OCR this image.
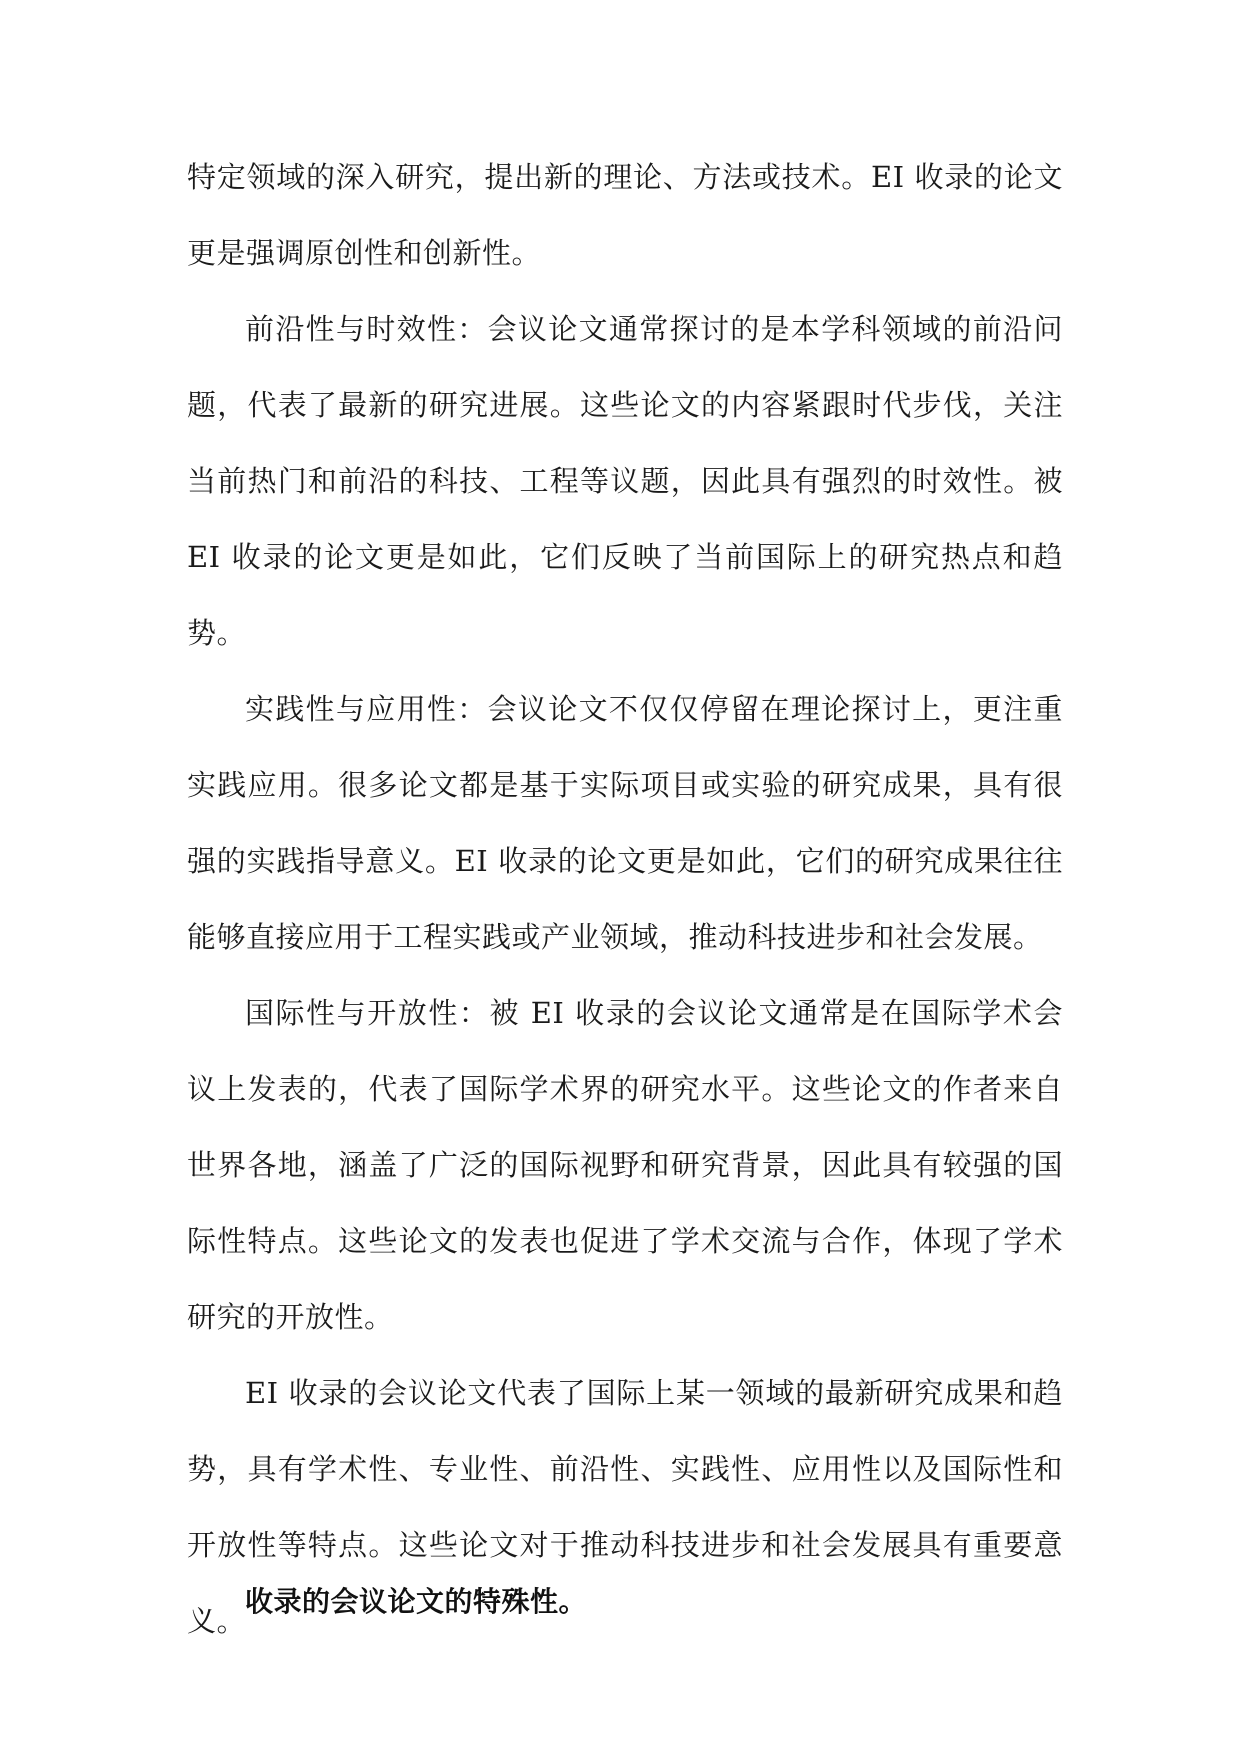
特定领域的深入研究，提出新的理论、方法或技术。EI 收录的论文更是强调原创性和创新性。

前沿性与时效性：会议论文通常探讨的是本学科领域的前沿问题，代表了最新的研究进展。这些论文的内容紧跟时代步伐，关注当前热门和前沿的科技、工程等议题，因此具有强烈的时效性。被 EI 收录的论文更是如此，它们反映了当前国际上的研究热点和趋势。

实践性与应用性：会议论文不仅仅停留在理论探讨上，更注重实践应用。很多论文都是基于实际项目或实验的研究成果，具有很强的实践指导意义。EI 收录的论文更是如此，它们的研究成果往往能够直接应用于工程实践或产业领域，推动科技进步和社会发展。

国际性与开放性：被 EI 收录的会议论文通常是在国际学术会议上发表的，代表了国际学术界的研究水平。这些论文的作者来自世界各地，涵盖了广泛的国际视野和研究背景，因此具有较强的国际性特点。这些论文的发表也促进了学术交流与合作，体现了学术研究的开放性。

EI 收录的会议论文代表了国际上某一领域的最新研究成果和趋势，具有学术性、专业性、前沿性、实践性、应用性以及国际性和开放性等特点。这些论文对于推动科技进步和社会发展具有重要意义。

收录的会议论文的特殊性。
